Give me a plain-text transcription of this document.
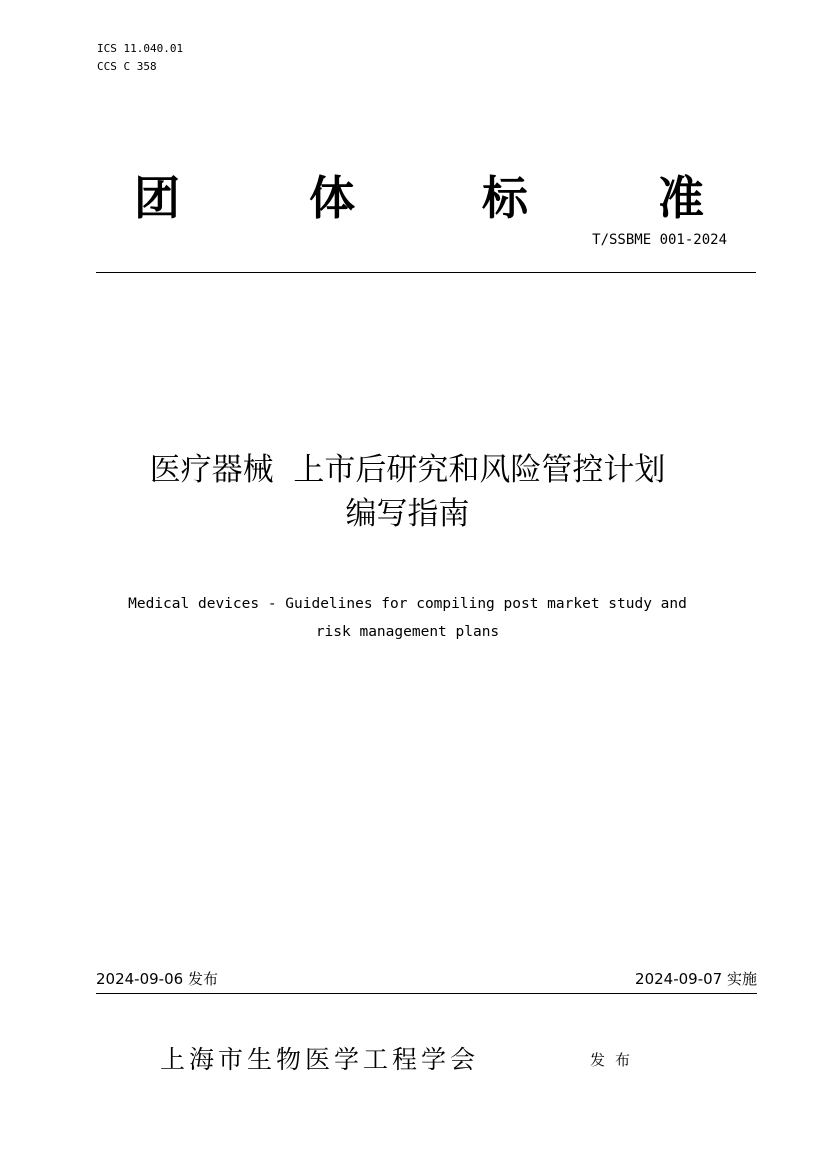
ICS 11.040.01
CCS C 358
团	体	标	准
T/SSBME 001-2024
医疗器械  上市后研究和风险管控计划
编写指南
Medical devices - Guidelines for compiling post market study and
risk management plans
2024-09-06 发布	2024-09-07 实施
上海市生物医学工程学会	发布
